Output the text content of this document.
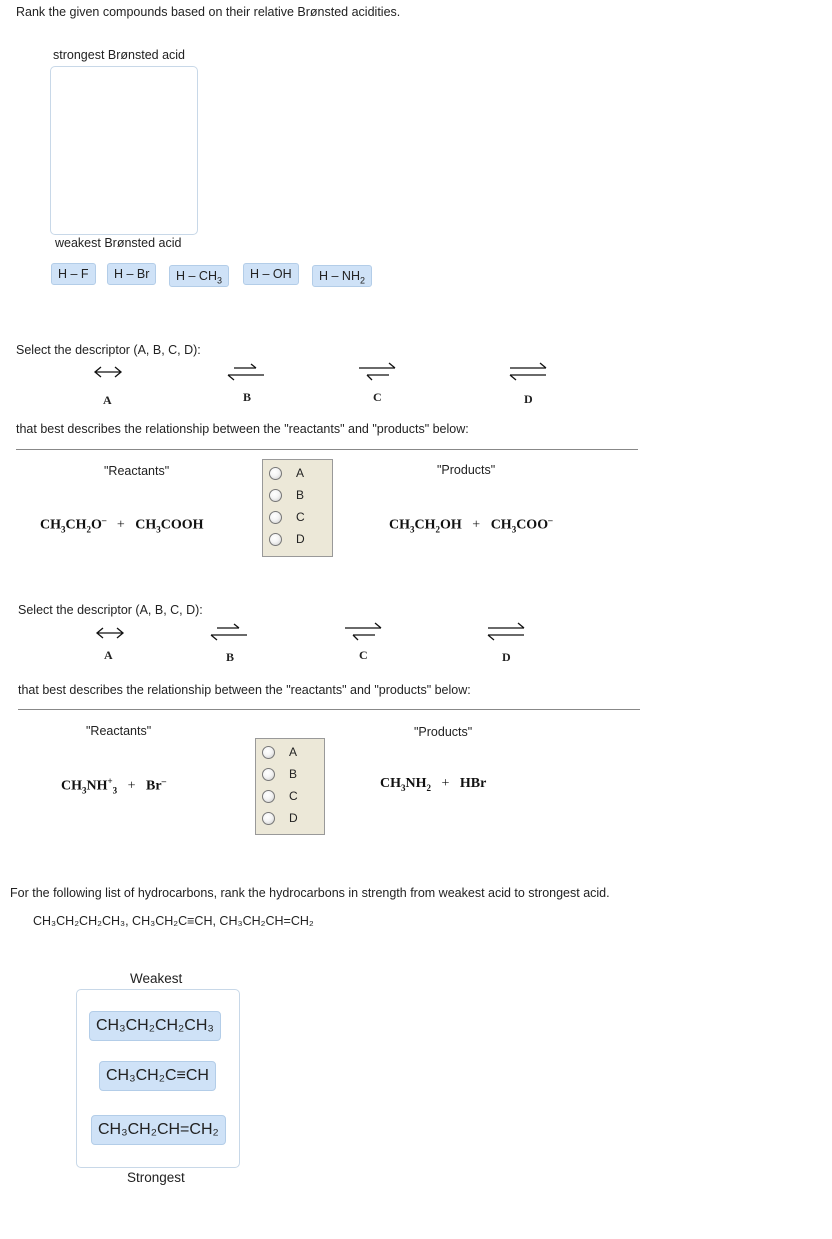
Rank the given compounds based on their relative Brønsted acidities.
strongest Brønsted acid
weakest Brønsted acid
H – F	H – Br	H – $CH_3$	H – OH	H – $NH_2$
Select the descriptor (A, B, C, D):
A	B	C	D
that best describes the relationship between the "reactants" and "products" below:
"Reactants"	"Products"
$CH_3CH_2O^-$ + $CH_3COOH$	$CH_3CH_2OH + CH_3COO^-$
A
B
C
D
Select the descriptor (A, B, C, D):
A	B	C	D
that best describes the relationship between the "reactants" and "products" below:
"Reactants"	"Products"
$CH_3NH^+_3 + Br^-$	$CH_3NH_2$ + HBr
A
B
C
D
For the following list of hydrocarbons, rank the hydrocarbons in strength from weakest acid to strongest acid.
CH₃CH₂CH₂CH₃, CH₃CH₂C≡CH, CH₃CH₂CH=CH₂
Weakest
CH₃CH₂CH₂CH₃
CH₃CH₂C≡CH
CH₃CH₂CH=CH₂
Strongest
